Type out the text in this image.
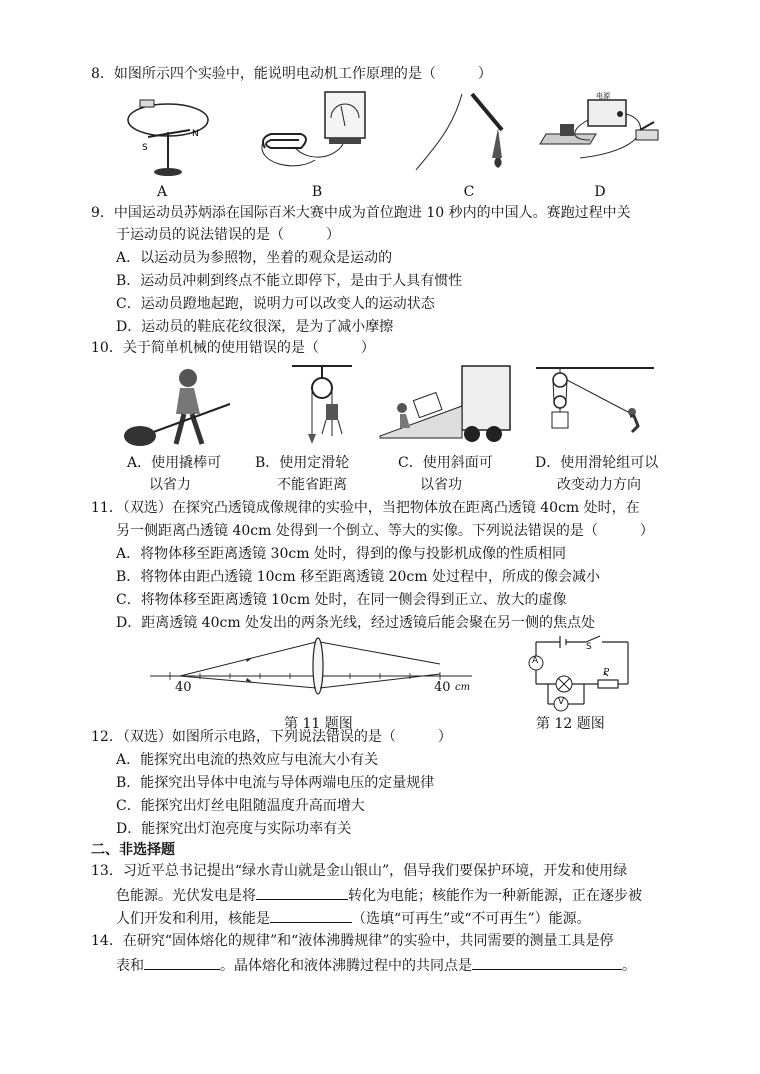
8．如图所示四个实验中，能说明电动机工作原理的是（　　　）
S
N
A	B	C
电源
D
9．中国运动员苏炳添在国际百米大赛中成为首位跑进 10 秒内的中国人。赛跑过程中关
于运动员的说法错误的是（　　　）
A．以运动员为参照物，坐着的观众是运动的
B．运动员冲刺到终点不能立即停下，是由于人具有惯性
C．运动员蹬地起跑，说明力可以改变人的运动状态
D．运动员的鞋底花纹很深，是为了减小摩擦
10．关于简单机械的使用错误的是（　　　）
A．使用撬棒可
以省力
B．使用定滑轮
不能省距离
C．使用斜面可
以省功
D．使用滑轮组可以
改变动力方向
11．（双选）在探究凸透镜成像规律的实验中，当把物体放在距离凸透镜 40cm 处时，在
另一侧距离凸透镜 40cm 处得到一个倒立、等大的实像。下列说法错误的是（　　　）
A．将物体移至距离透镜 30cm 处时，得到的像与投影机成像的性质相同
B．将物体由距凸透镜 10cm 移至距离透镜 20cm 处过程中，所成的像会减小
C．将物体移至距离透镜 10cm 处时，在同一侧会得到正立、放大的虚像
D．距离透镜 40cm 处发出的两条光线，经过透镜后能会聚在另一侧的焦点处
40	40 cm
第 11 题图
A
V
S
P
第 12 题图
12．（双选）如图所示电路，下列说法错误的是（　　　）
A．能探究出电流的热效应与电流大小有关
B．能探究出导体中电流与导体两端电压的定量规律
C．能探究出灯丝电阻随温度升高而增大
D．能探究出灯泡亮度与实际功率有关
二、非选择题
13．习近平总书记提出“绿水青山就是金山银山”，倡导我们要保护环境，开发和使用绿
色能源。光伏发电是将	转化为电能；核能作为一种新能源，正在逐步被
人们开发和利用，核能是	（选填“可再生”或“不可再生”）能源。
14．在研究“固体熔化的规律”和“液体沸腾规律”的实验中，共同需要的测量工具是停
表和	。晶体熔化和液体沸腾过程中的共同点是	。
